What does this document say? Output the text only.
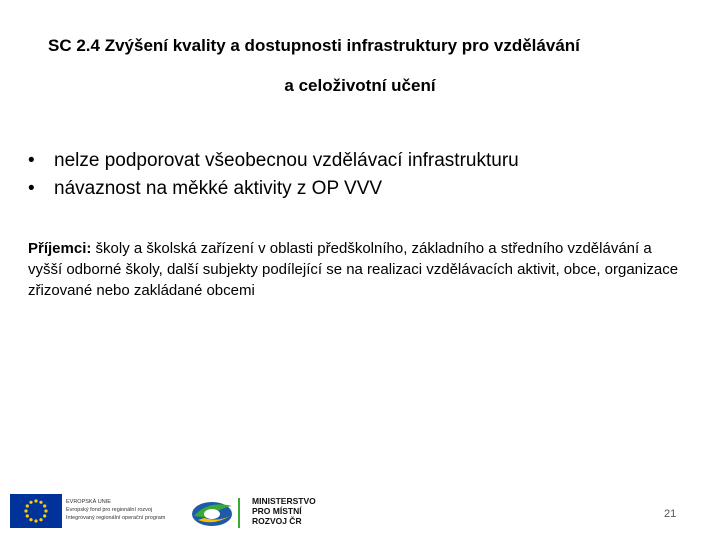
SC 2.4 Zvýšení kvality a dostupnosti infrastruktury pro vzdělávání
a celoživotní učení
• nelze podporovat všeobecnou vzdělávací infrastrukturu
• návaznost na měkké aktivity z OP VVV
Příjemci: školy a školská zařízení v oblasti předškolního, základního a středního vzdělávání a vyšší odborné školy, další subjekty podílející se na realizaci vzdělávacích aktivit, obce, organizace zřizované nebo zakládané obcemi
EVROPSKÁ UNIE
Evropský fond pro regionální rozvoj
Integrovaný regionální operační program
MINISTERSTVO
PRO MÍSTNÍ
ROZVOJ ČR
21
